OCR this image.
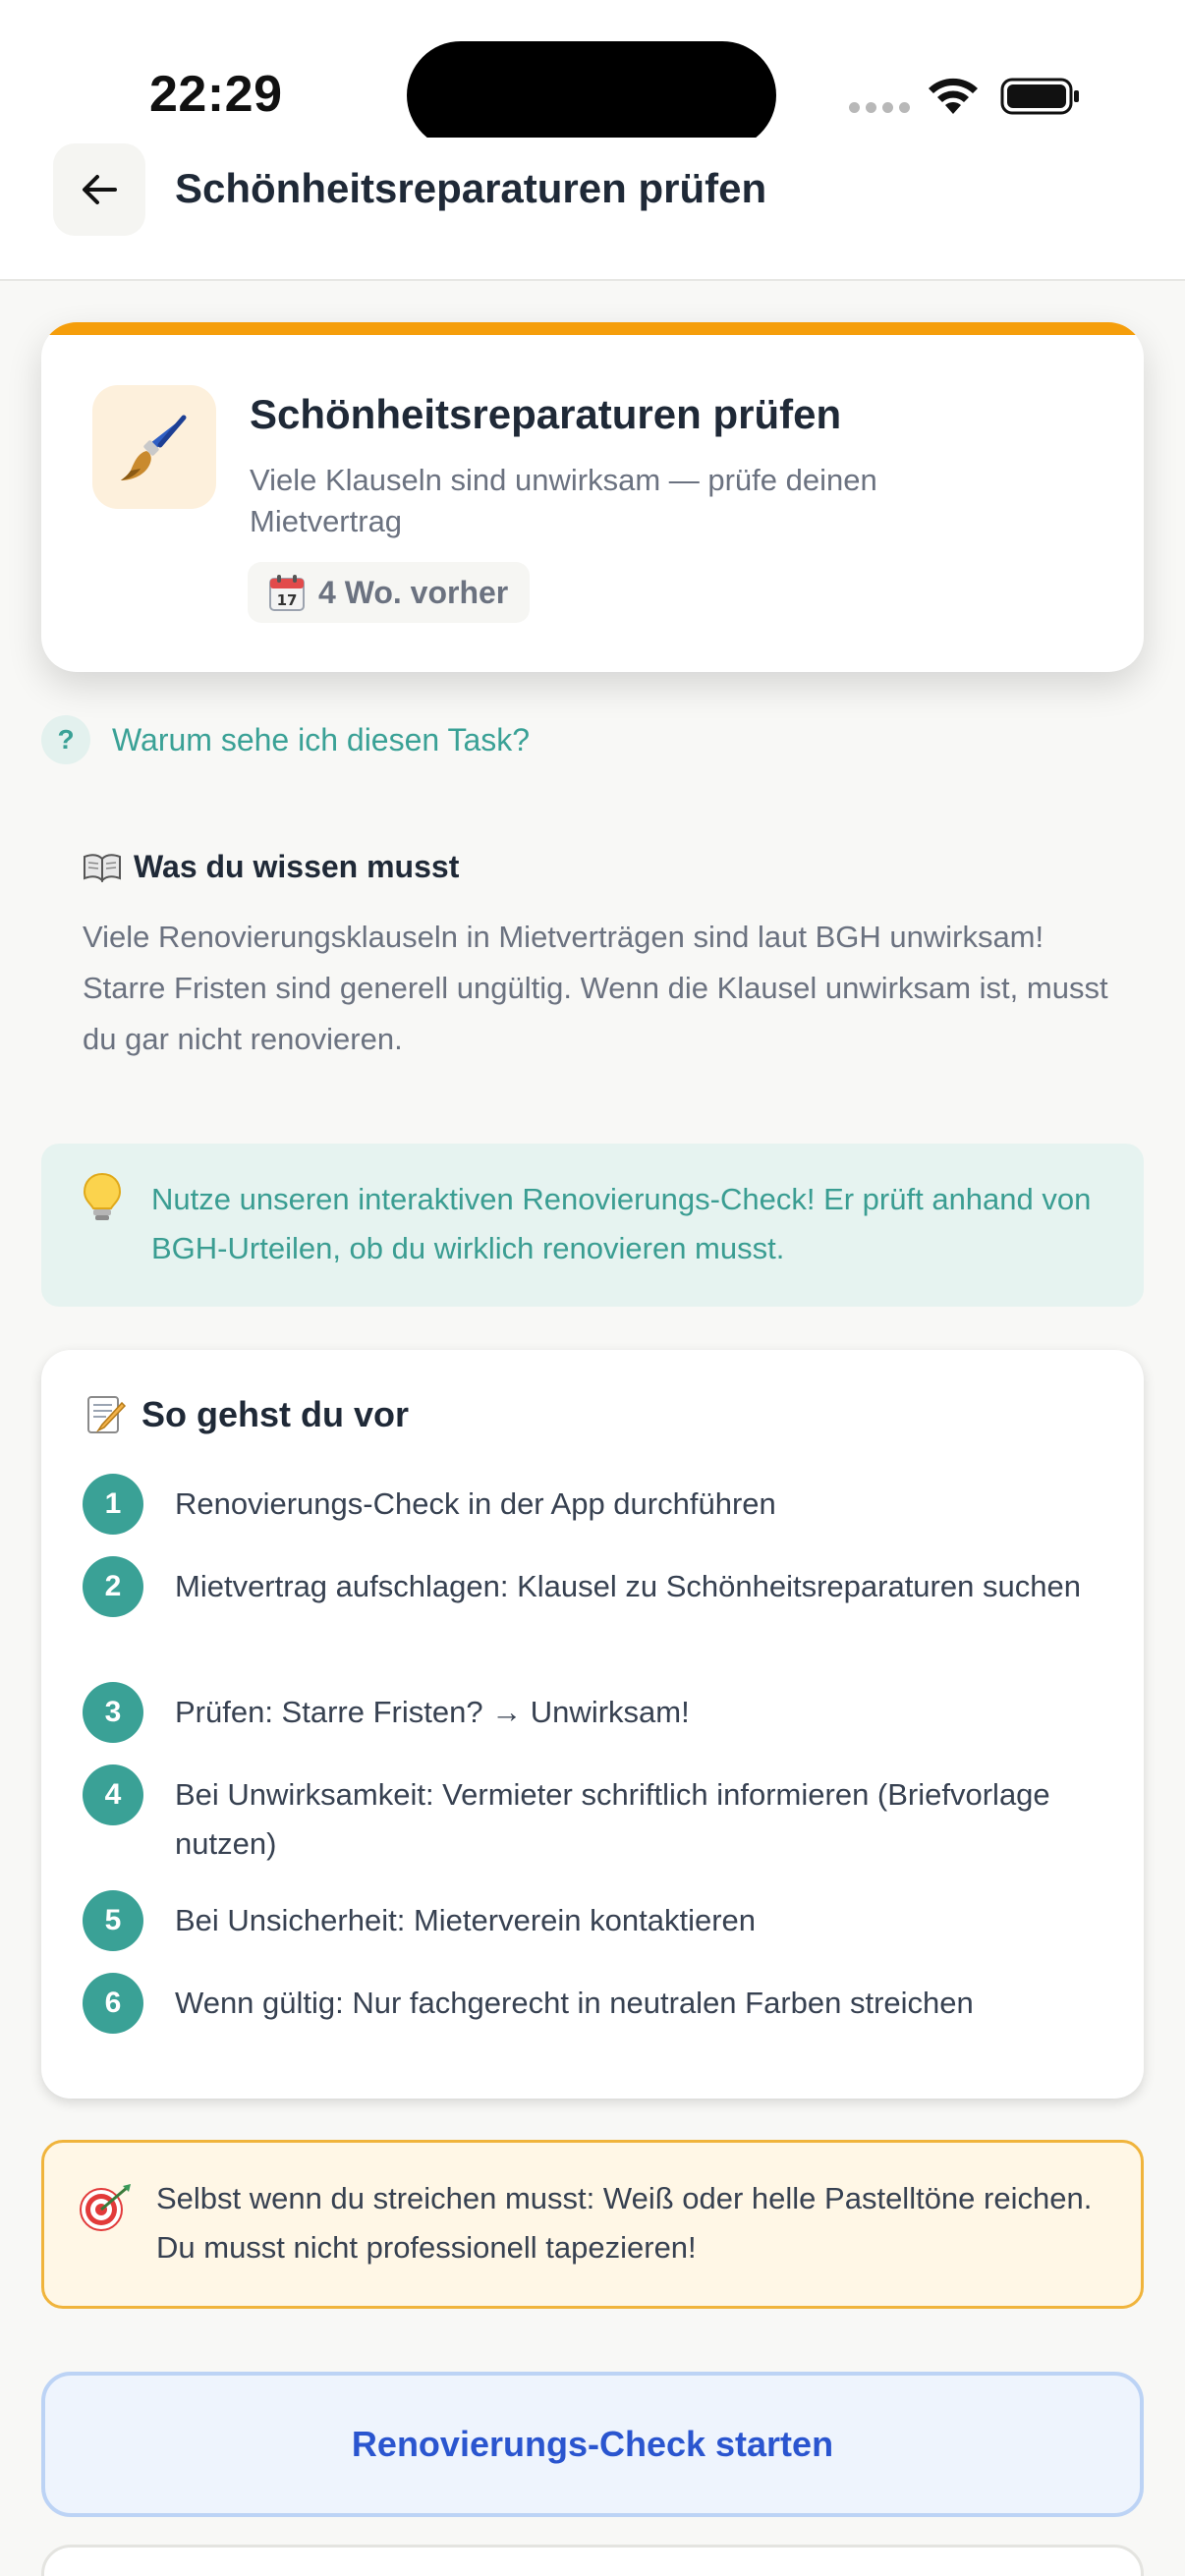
22:29
Schönheitsreparaturen prüfen
Schönheitsreparaturen prüfen
Viele Klauseln sind unwirksam — prüfe deinen Mietvertrag
17 4 Wo. vorher
?	Warum sehe ich diesen Task?
Was du wissen musst
Viele Renovierungsklauseln in Mietverträgen sind laut BGH unwirksam! Starre Fristen sind generell ungültig. Wenn die Klausel unwirksam ist, musst du gar nicht renovieren.
Nutze unseren interaktiven Renovierungs-Check! Er prüft anhand von BGH-Urteilen, ob du wirklich renovieren musst.
So gehst du vor
1	Renovierungs-Check in der App durchführen
2	Mietvertrag aufschlagen: Klausel zu Schönheitsreparaturen suchen
3	Prüfen: Starre Fristen? → Unwirksam!
4	Bei Unwirksamkeit: Vermieter schriftlich informieren (Briefvorlage nutzen)
5	Bei Unsicherheit: Mieterverein kontaktieren
6	Wenn gültig: Nur fachgerecht in neutralen Farben streichen
Selbst wenn du streichen musst: Weiß oder helle Pastelltöne reichen. Du musst nicht professionell tapezieren!
Renovierungs-Check starten
